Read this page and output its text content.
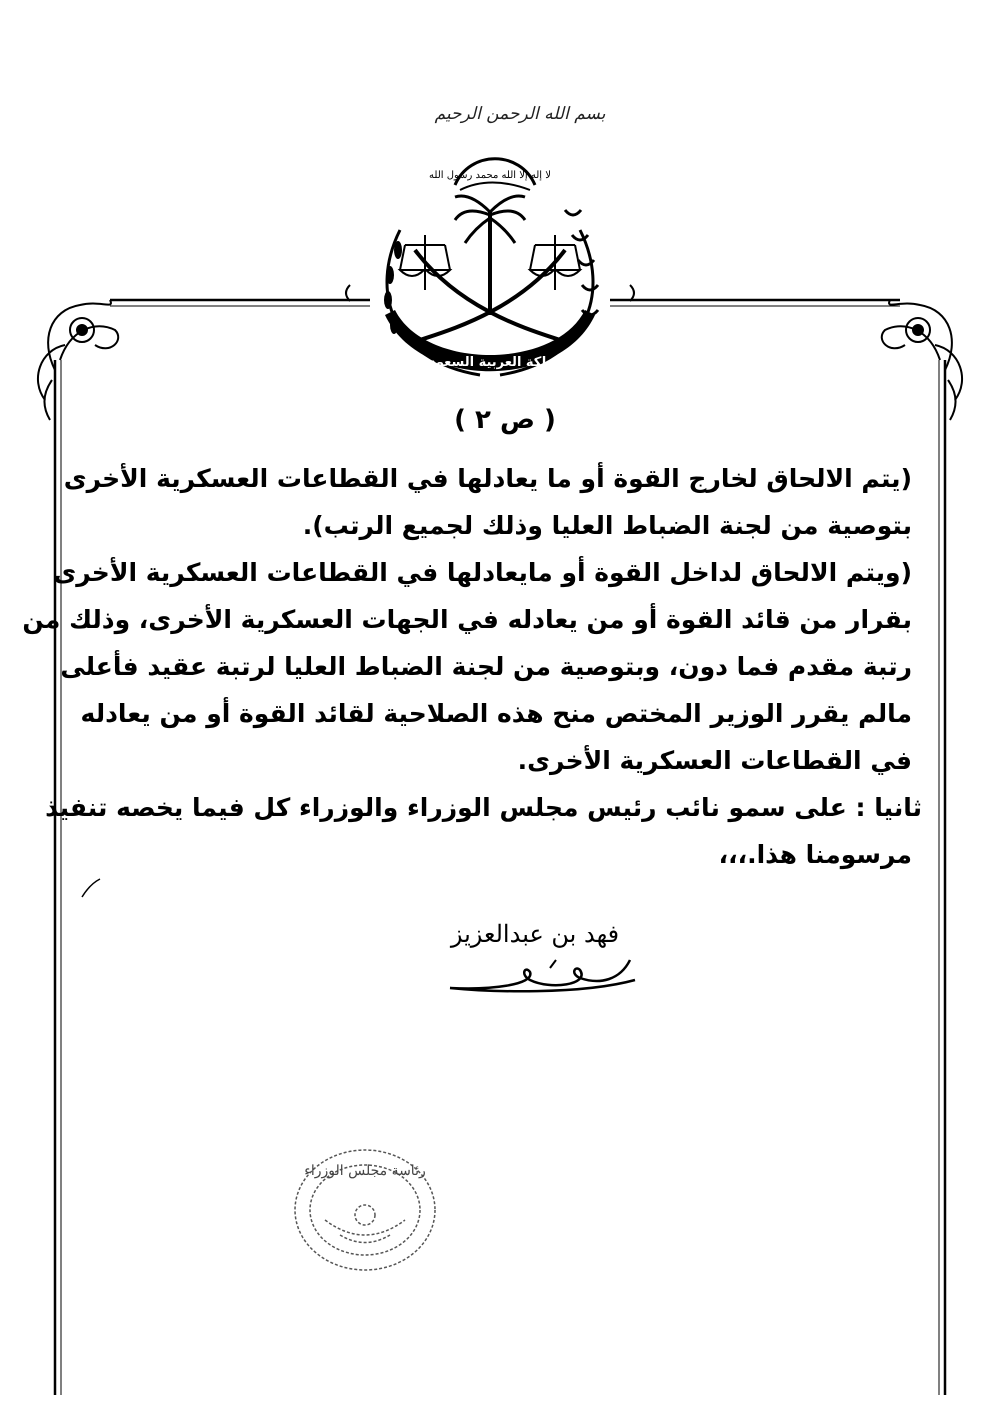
بسم الله الرحمن الرحيم
لا إله إلا الله محمد رسول الله
مملكة العربية السعودية
( ص ٢ )
(يتم الالحاق لخارج القوة أو ما يعادلها في القطاعات العسكرية الأخرى
بتوصية من لجنة الضباط العليا وذلك لجميع الرتب).
(ويتم الالحاق لداخل القوة أو مايعادلها في القطاعات العسكرية الأخرى
بقرار من قائد القوة أو من يعادله في الجهات العسكرية الأخرى، وذلك من
رتبة مقدم فما دون، وبتوصية من لجنة الضباط العليا لرتبة عقيد فأعلى
مالم يقرر الوزير المختص منح هذه الصلاحية لقائد القوة أو من يعادله
في القطاعات العسكرية الأخرى.
ثانيا : على سمو نائب رئيس مجلس الوزراء والوزراء كل فيما يخصه تنفيذ
مرسومنا هذا.،،،
فهد بن عبدالعزيز
رئاسة مجلس الوزراء
